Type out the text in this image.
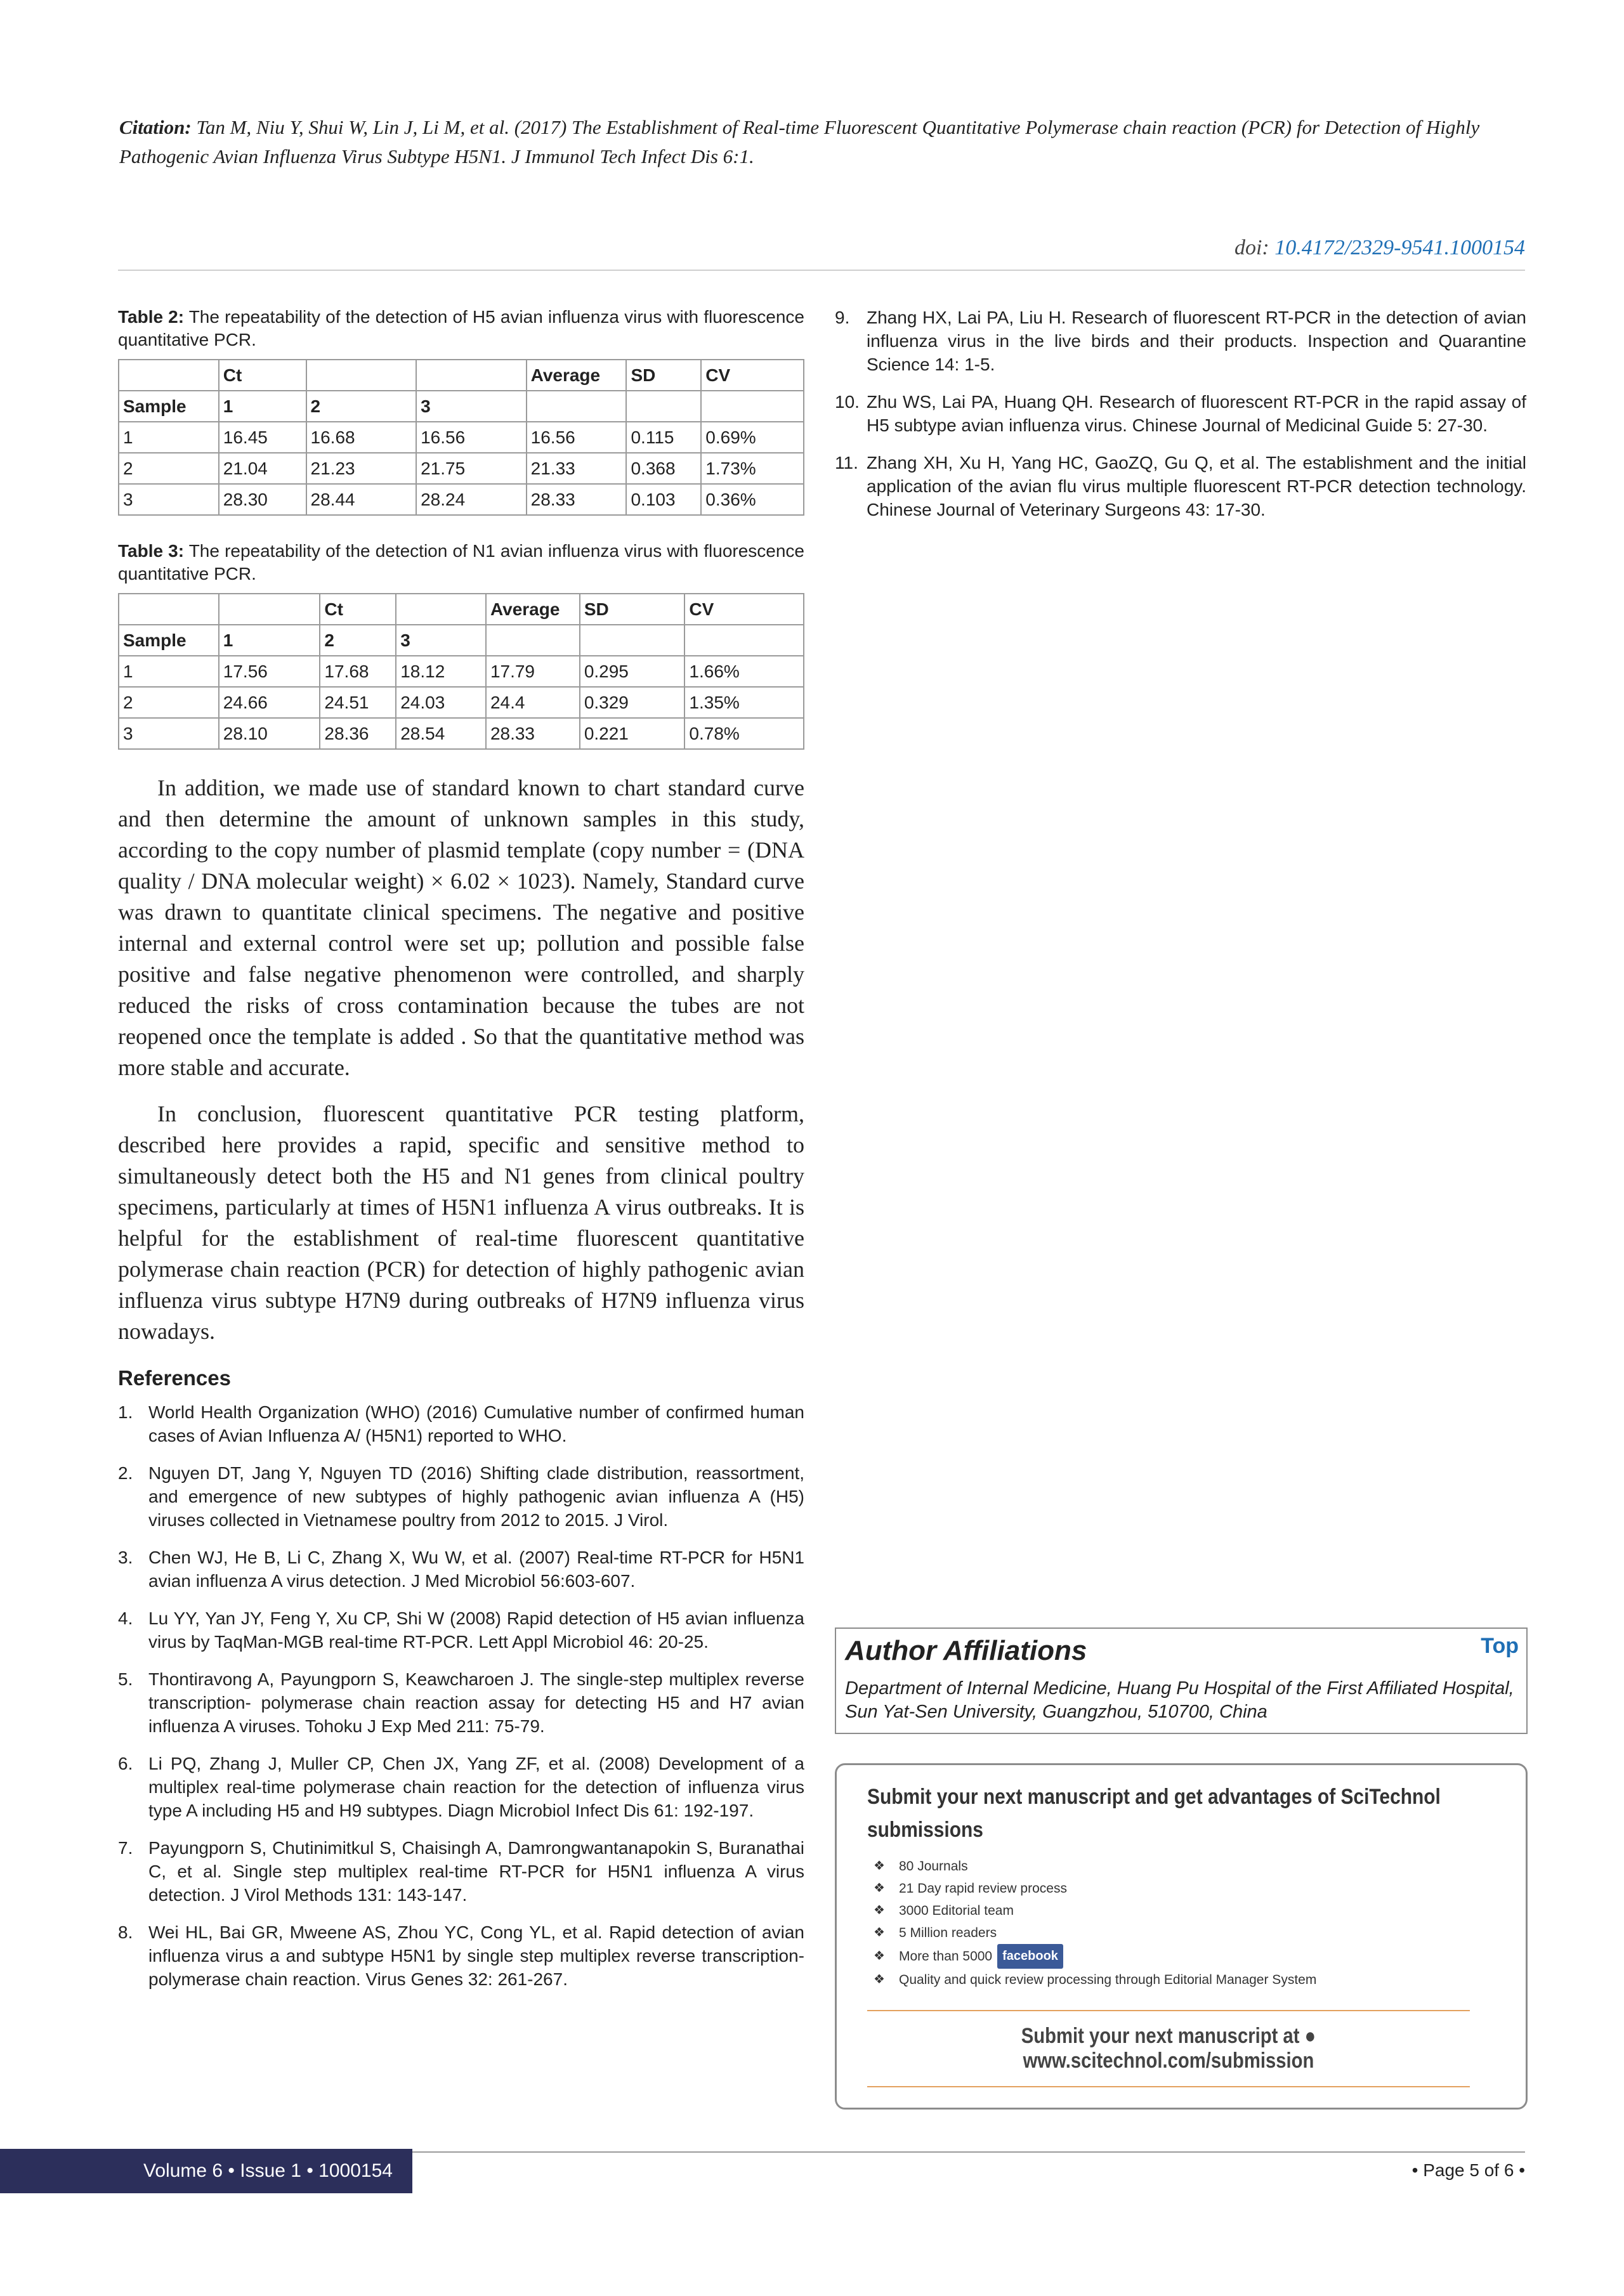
Citation: Tan M, Niu Y, Shui W, Lin J, Li M, et al. (2017) The Establishment of Real-time Fluorescent Quantitative Polymerase chain reaction (PCR) for Detection of Highly Pathogenic Avian Influenza Virus Subtype H5N1. J Immunol Tech Infect Dis 6:1.
doi: 10.4172/2329-9541.1000154
Table 2: The repeatability of the detection of H5 avian influenza virus with fluorescence quantitative PCR.
	Ct			Average	SD	CV
Sample	1	2	3			
1	16.45	16.68	16.56	16.56	0.115	0.69%
2	21.04	21.23	21.75	21.33	0.368	1.73%
3	28.30	28.44	28.24	28.33	0.103	0.36%
Table 3: The repeatability of the detection of N1 avian influenza virus with fluorescence quantitative PCR.
		Ct		Average	SD	CV
Sample	1	2	3			
1	17.56	17.68	18.12	17.79	0.295	1.66%
2	24.66	24.51	24.03	24.4	0.329	1.35%
3	28.10	28.36	28.54	28.33	0.221	0.78%

In addition, we made use of standard known to chart standard curve and then determine the amount of unknown samples in this study, according to the copy number of plasmid template (copy number = (DNA quality / DNA molecular weight) × 6.02 × 1023). Namely, Standard curve was drawn to quantitate clinical specimens. The negative and positive internal and external control were set up; pollution and possible false positive and false negative phenomenon were controlled, and sharply reduced the risks of cross contamination because the tubes are not reopened once the template is added . So that the quantitative method was more stable and accurate.

In conclusion, fluorescent quantitative PCR testing platform, described here provides a rapid, specific and sensitive method to simultaneously detect both the H5 and N1 genes from clinical poultry specimens, particularly at times of H5N1 influenza A virus outbreaks. It is helpful for the establishment of real-time fluorescent quantitative polymerase chain reaction (PCR) for detection of highly pathogenic avian influenza virus subtype H7N9 during outbreaks of H7N9 influenza virus nowadays.

References
1. World Health Organization (WHO) (2016) Cumulative number of confirmed human cases of Avian Influenza A/ (H5N1) reported to WHO.
2. Nguyen DT, Jang Y, Nguyen TD (2016) Shifting clade distribution, reassortment, and emergence of new subtypes of highly pathogenic avian influenza A (H5) viruses collected in Vietnamese poultry from 2012 to 2015. J Virol.
3. Chen WJ, He B, Li C, Zhang X, Wu W, et al. (2007) Real-time RT-PCR for H5N1 avian influenza A virus detection. J Med Microbiol 56:603-607.
4. Lu YY, Yan JY, Feng Y, Xu CP, Shi W (2008) Rapid detection of H5 avian influenza virus by TaqMan-MGB real-time RT-PCR. Lett Appl Microbiol 46: 20-25.
5. Thontiravong A, Payungporn S, Keawcharoen J. The single-step multiplex reverse transcription- polymerase chain reaction assay for detecting H5 and H7 avian influenza A viruses. Tohoku J Exp Med 211: 75-79.
6. Li PQ, Zhang J, Muller CP, Chen JX, Yang ZF, et al. (2008) Development of a multiplex real-time polymerase chain reaction for the detection of influenza virus type A including H5 and H9 subtypes. Diagn Microbiol Infect Dis 61: 192-197.
7. Payungporn S, Chutinimitkul S, Chaisingh A, Damrongwantanapokin S, Buranathai C, et al. Single step multiplex real-time RT-PCR for H5N1 influenza A virus detection. J Virol Methods 131: 143-147.
8. Wei HL, Bai GR, Mweene AS, Zhou YC, Cong YL, et al. Rapid detection of avian influenza virus a and subtype H5N1 by single step multiplex reverse transcription-polymerase chain reaction. Virus Genes 32: 261-267.
9. Zhang HX, Lai PA, Liu H. Research of fluorescent RT-PCR in the detection of avian influenza virus in the live birds and their products. Inspection and Quarantine Science 14: 1-5.
10. Zhu WS, Lai PA, Huang QH. Research of fluorescent RT-PCR in the rapid assay of H5 subtype avian influenza virus. Chinese Journal of Medicinal Guide 5: 27-30.
11. Zhang XH, Xu H, Yang HC, GaoZQ, Gu Q, et al. The establishment and the initial application of the avian flu virus multiple fluorescent RT-PCR detection technology. Chinese Journal of Veterinary Surgeons 43: 17-30.
Author Affiliations	Top
Department of Internal Medicine, Huang Pu Hospital of the First Affiliated Hospital, Sun Yat-Sen University, Guangzhou, 510700, China
Submit your next manuscript and get advantages of SciTechnol submissions
❖	80 Journals
❖	21 Day rapid review process
❖	3000 Editorial team
❖	5 Million readers
❖	More than 5000 facebook
❖	Quality and quick review processing through Editorial Manager System
Submit your next manuscript at ● www.scitechnol.com/submission
Volume 6 • Issue 1 • 1000154	• Page 5 of 6 •
